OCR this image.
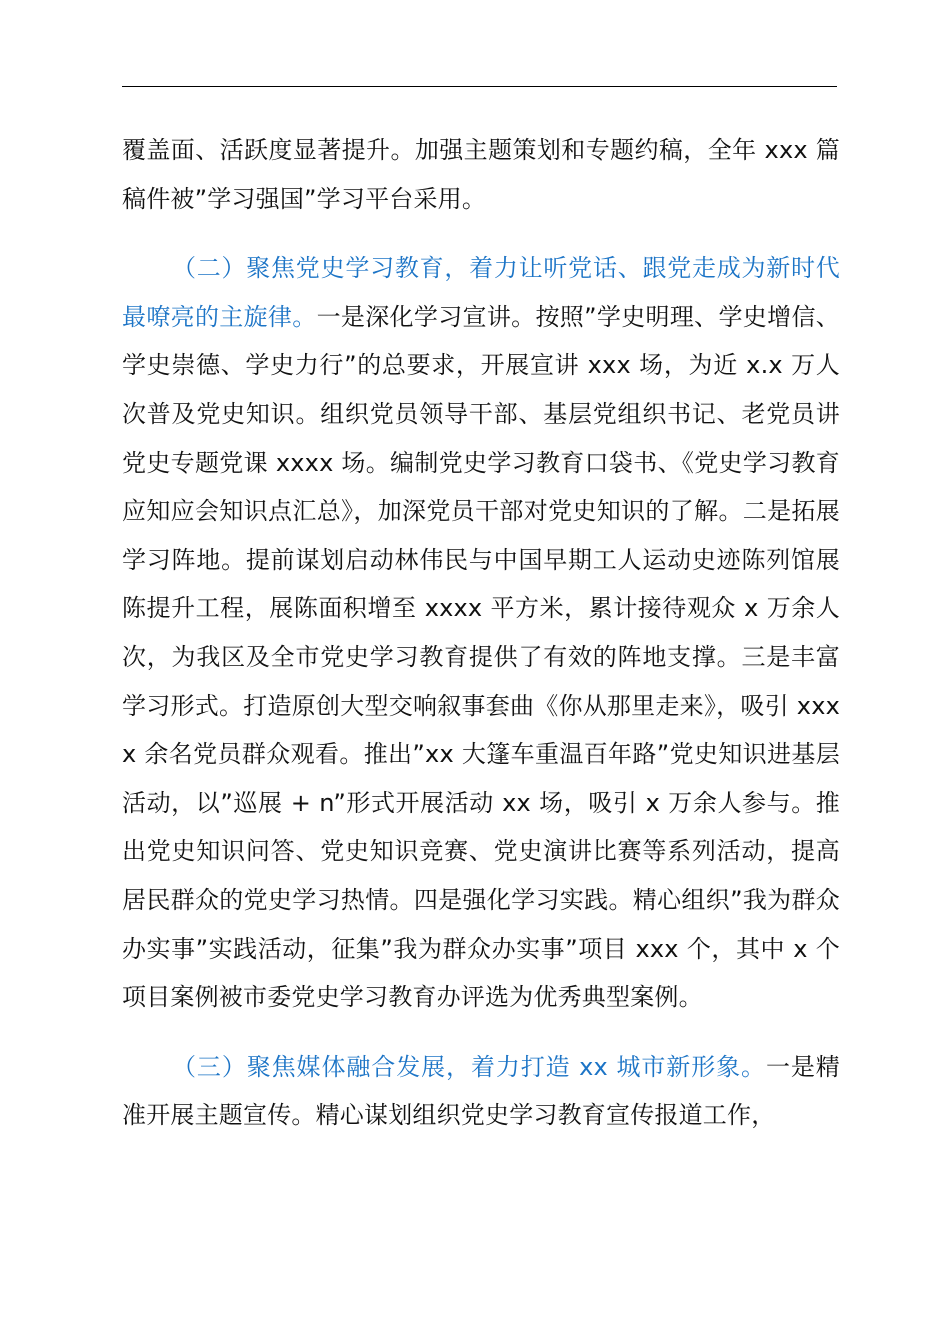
覆盖面、活跃度显著提升。加强主题策划和专题约稿，全年 xxx 篇稿件被”学习强国”学习平台采用。

（二）聚焦党史学习教育，着力让听党话、跟党走成为新时代最嘹亮的主旋律。一是深化学习宣讲。按照”学史明理、学史增信、学史崇德、学史力行”的总要求，开展宣讲 xxx 场，为近 x.x 万人次普及党史知识。组织党员领导干部、基层党组织书记、老党员讲党史专题党课 xxxx 场。编制党史学习教育口袋书、《党史学习教育应知应会知识点汇总》，加深党员干部对党史知识的了解。二是拓展学习阵地。提前谋划启动林伟民与中国早期工人运动史迹陈列馆展陈提升工程，展陈面积增至 xxxx 平方米，累计接待观众 x 万余人次，为我区及全市党史学习教育提供了有效的阵地支撑。三是丰富学习形式。打造原创大型交响叙事套曲《你从那里走来》，吸引 xxxx 余名党员群众观看。推出”xx 大篷车重温百年路”党史知识进基层活动，以”巡展 + n”形式开展活动 xx 场，吸引 x 万余人参与。推出党史知识问答、党史知识竞赛、党史演讲比赛等系列活动，提高居民群众的党史学习热情。四是强化学习实践。精心组织”我为群众办实事”实践活动，征集”我为群众办实事”项目 xxx 个，其中 x 个项目案例被市委党史学习教育办评选为优秀典型案例。

（三）聚焦媒体融合发展，着力打造 xx 城市新形象。一是精准开展主题宣传。精心谋划组织党史学习教育宣传报道工作，
